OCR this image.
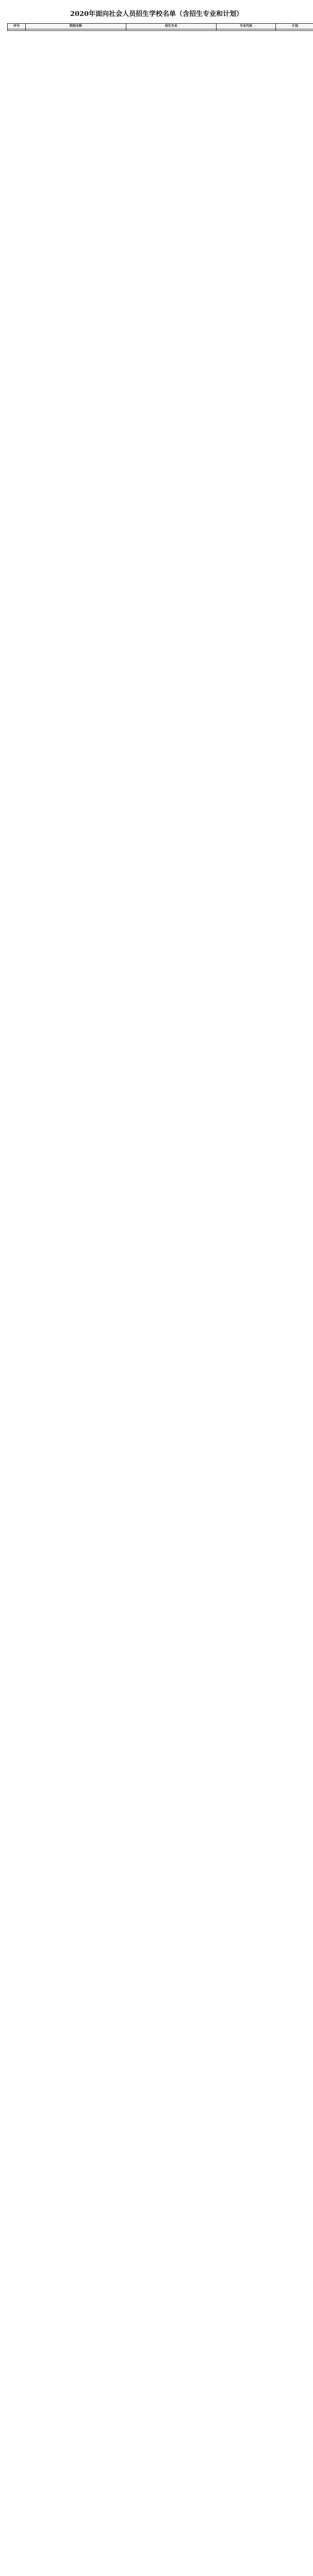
2020年面向社会人员招生学校名单（含招生专业和计划）
序号	院校名称	招生专业	专业代码	计划
